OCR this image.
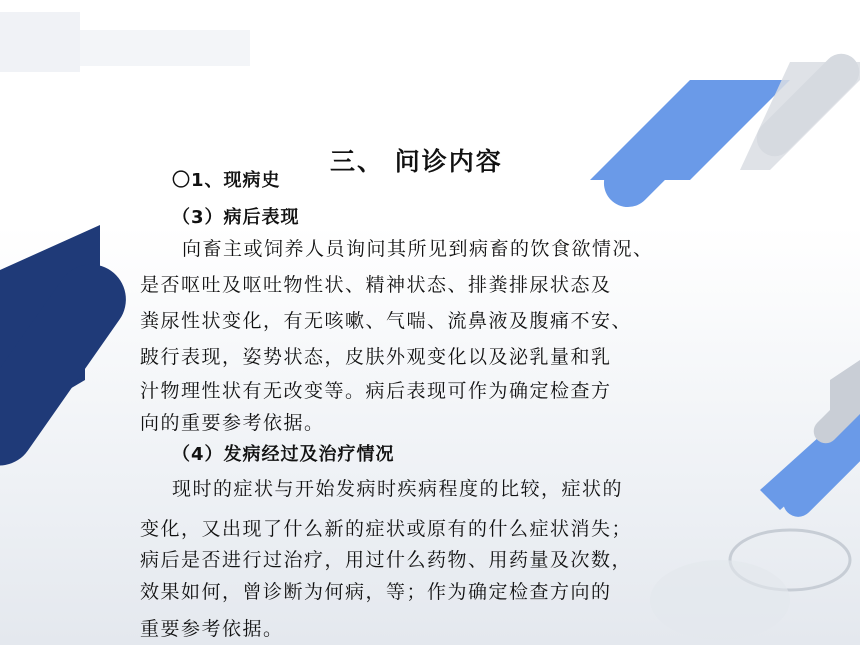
三、 问诊内容
〇1、现病史
（3）病后表现
向畜主或饲养人员询问其所见到病畜的饮食欲情况、
是否呕吐及呕吐物性状、精神状态、排粪排尿状态及
粪尿性状变化，有无咳嗽、气喘、流鼻液及腹痛不安、
跛行表现，姿势状态，皮肤外观变化以及泌乳量和乳
汁物理性状有无改变等。病后表现可作为确定检查方
向的重要参考依据。
（4）发病经过及治疗情况
现时的症状与开始发病时疾病程度的比较，症状的
变化，又出现了什么新的症状或原有的什么症状消失；
病后是否进行过治疗，用过什么药物、用药量及次数，
效果如何，曾诊断为何病，等；作为确定检查方向的
重要参考依据。
